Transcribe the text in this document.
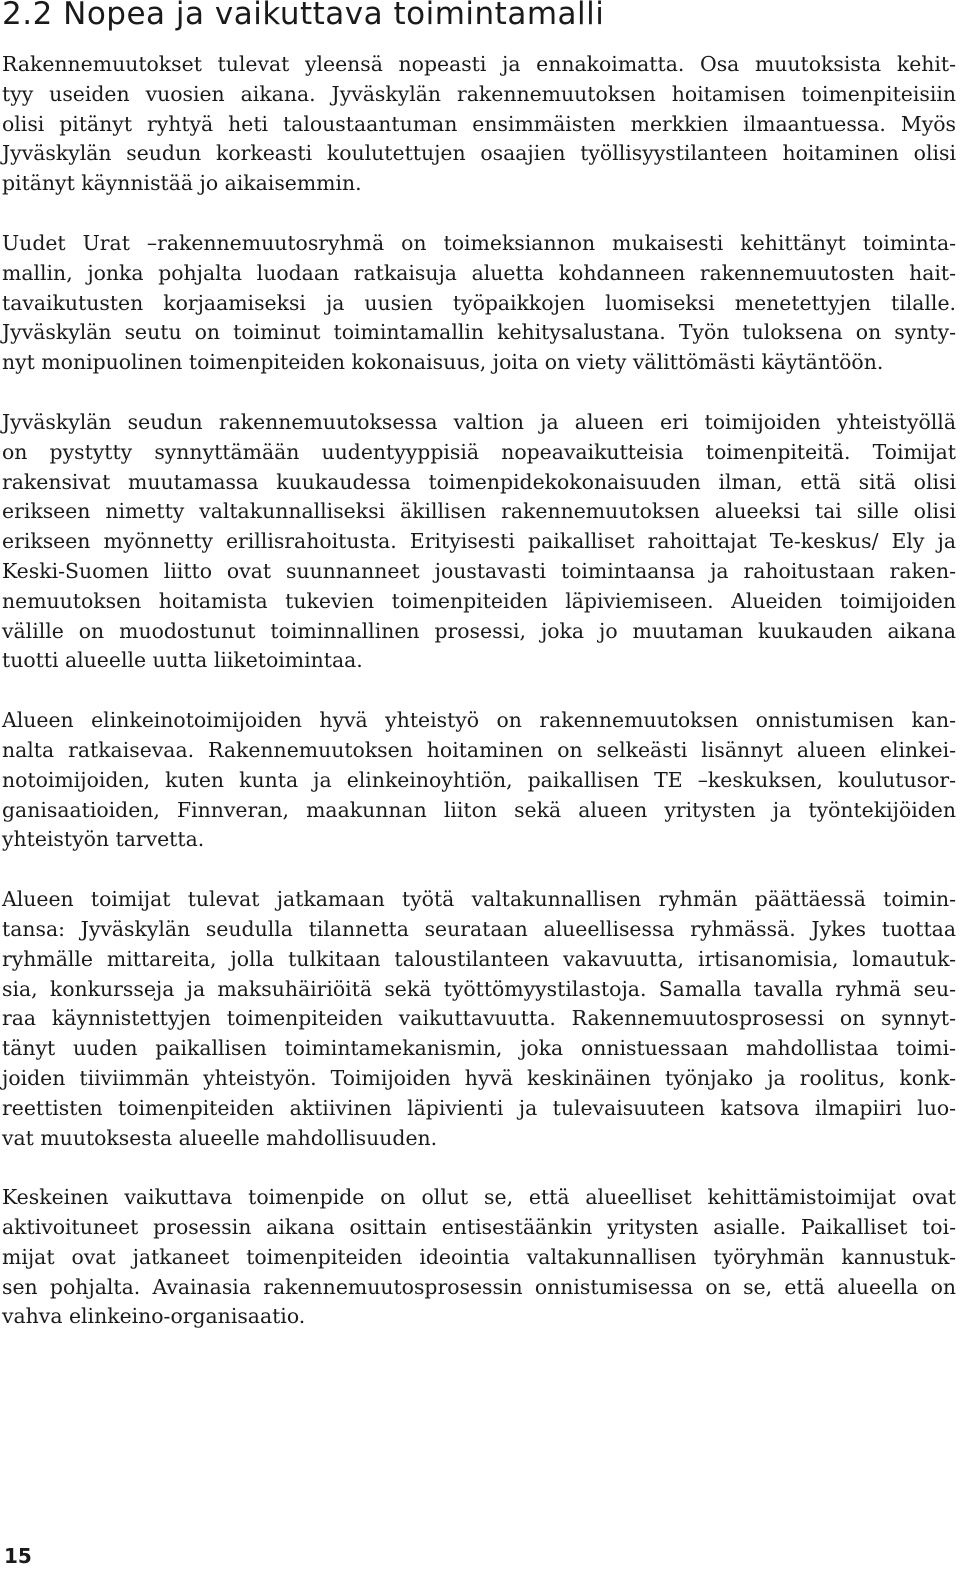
2.2 Nopea ja vaikuttava toimintamalli

Rakennemuutokset tulevat yleensä nopeasti ja ennakoimatta. Osa muutoksista kehit-
tyy useiden vuosien aikana. Jyväskylän rakennemuutoksen hoitamisen toimenpiteisiin
olisi pitänyt ryhtyä heti taloustaantuman ensimmäisten merkkien ilmaantuessa. Myös
Jyväskylän seudun korkeasti koulutettujen osaajien työllisyystilanteen hoitaminen olisi
pitänyt käynnistää jo aikaisemmin.

Uudet Urat –rakennemuutosryhmä on toimeksiannon mukaisesti kehittänyt toiminta-
mallin, jonka pohjalta luodaan ratkaisuja aluetta kohdanneen rakennemuutosten hait-
tavaikutusten korjaamiseksi ja uusien työpaikkojen luomiseksi menetettyjen tilalle.
Jyväskylän seutu on toiminut toimintamallin kehitysalustana. Työn tuloksena on synty-
nyt monipuolinen toimenpiteiden kokonaisuus, joita on viety välittömästi käytäntöön.

Jyväskylän seudun rakennemuutoksessa valtion ja alueen eri toimijoiden yhteistyöllä
on pystytty synnyttämään uudentyyppisiä nopeavaikutteisia toimenpiteitä. Toimijat
rakensivat muutamassa kuukaudessa toimenpidekokonaisuuden ilman, että sitä olisi
erikseen nimetty valtakunnalliseksi äkillisen rakennemuutoksen alueeksi tai sille olisi
erikseen myönnetty erillisrahoitusta. Erityisesti paikalliset rahoittajat Te-keskus/ Ely ja
Keski-Suomen liitto ovat suunnanneet joustavasti toimintaansa ja rahoitustaan raken-
nemuutoksen hoitamista tukevien toimenpiteiden läpiviemiseen. Alueiden toimijoiden
välille on muodostunut toiminnallinen prosessi, joka jo muutaman kuukauden aikana
tuotti alueelle uutta liiketoimintaa.

Alueen elinkeinotoimijoiden hyvä yhteistyö on rakennemuutoksen onnistumisen kan-
nalta ratkaisevaa. Rakennemuutoksen hoitaminen on selkeästi lisännyt alueen elinkei-
notoimijoiden, kuten kunta ja elinkeinoyhtiön, paikallisen TE –keskuksen, koulutusor-
ganisaatioiden, Finnveran, maakunnan liiton sekä alueen yritysten ja työntekijöiden
yhteistyön tarvetta.

Alueen toimijat tulevat jatkamaan työtä valtakunnallisen ryhmän päättäessä toimin-
tansa: Jyväskylän seudulla tilannetta seurataan alueellisessa ryhmässä. Jykes tuottaa
ryhmälle mittareita, jolla tulkitaan taloustilanteen vakavuutta, irtisanomisia, lomautuk-
sia, konkursseja ja maksuhäiriöitä sekä työttömyystilastoja. Samalla tavalla ryhmä seu-
raa käynnistettyjen toimenpiteiden vaikuttavuutta. Rakennemuutosprosessi on synnyt-
tänyt uuden paikallisen toimintamekanismin, joka onnistuessaan mahdollistaa toimi-
joiden tiiviimmän yhteistyön. Toimijoiden hyvä keskinäinen työnjako ja roolitus, konk-
reettisten toimenpiteiden aktiivinen läpivienti ja tulevaisuuteen katsova ilmapiiri luo-
vat muutoksesta alueelle mahdollisuuden.

Keskeinen vaikuttava toimenpide on ollut se, että alueelliset kehittämistoimijat ovat
aktivoituneet prosessin aikana osittain entisestäänkin yritysten asialle. Paikalliset toi-
mijat ovat jatkaneet toimenpiteiden ideointia valtakunnallisen työryhmän kannustuk-
sen pohjalta. Avainasia rakennemuutosprosessin onnistumisessa on se, että alueella on
vahva elinkeino-organisaatio.

15
